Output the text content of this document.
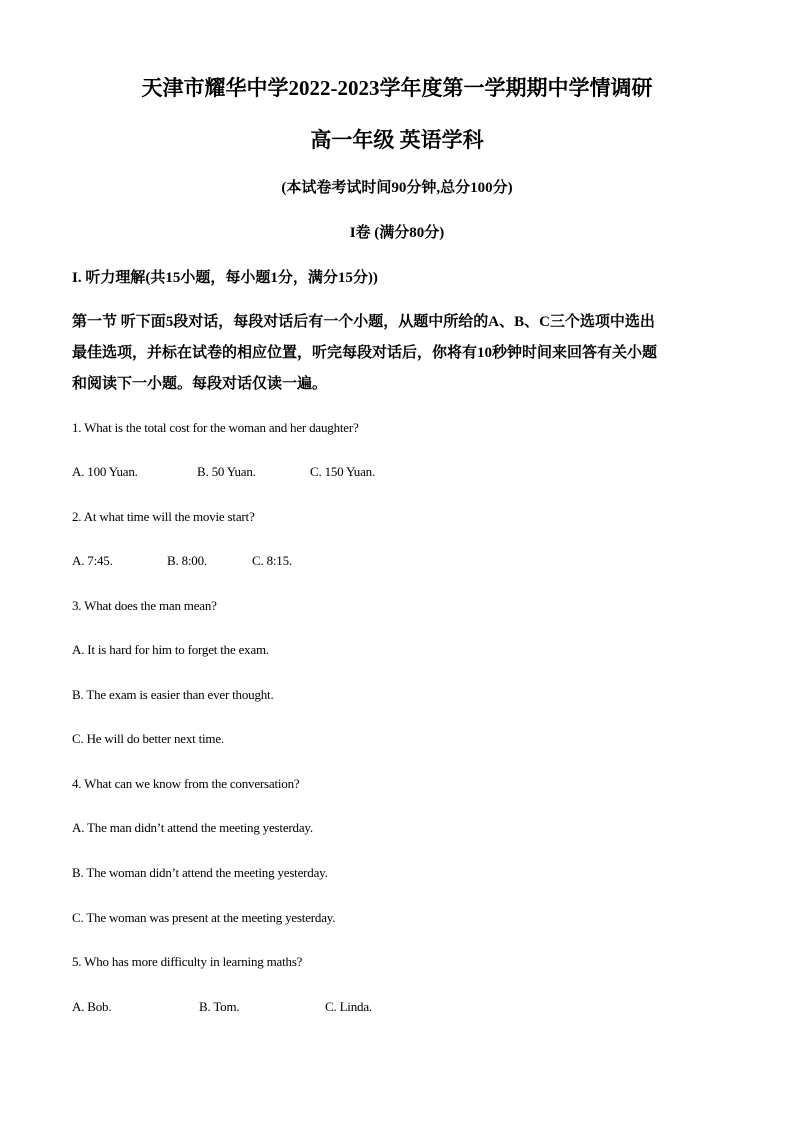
天津市耀华中学2022-2023学年度第一学期期中学情调研
高一年级 英语学科
(本试卷考试时间90分钟,总分100分)
I卷 (满分80分)
I. 听力理解(共15小题，每小题1分，满分15分))
第一节 听下面5段对话，每段对话后有一个小题，从题中所给的A、B、C三个选项中选出
最佳选项，并标在试卷的相应位置，听完每段对话后，你将有10秒钟时间来回答有关小题
和阅读下一小题。每段对话仅读一遍。
1. What is the total cost for the woman and her daughter?
A. 100 Yuan.	B. 50 Yuan.	C. 150 Yuan.
2. At what time will the movie start?
A. 7:45.	B. 8:00.	C. 8:15.
3. What does the man mean?
A. It is hard for him to forget the exam.
B. The exam is easier than ever thought.
C. He will do better next time.
4. What can we know from the conversation?
A. The man didn’t attend the meeting yesterday.
B. The woman didn’t attend the meeting yesterday.
C. The woman was present at the meeting yesterday.
5. Who has more difficulty in learning maths?
A. Bob.	B. Tom.	C. Linda.
